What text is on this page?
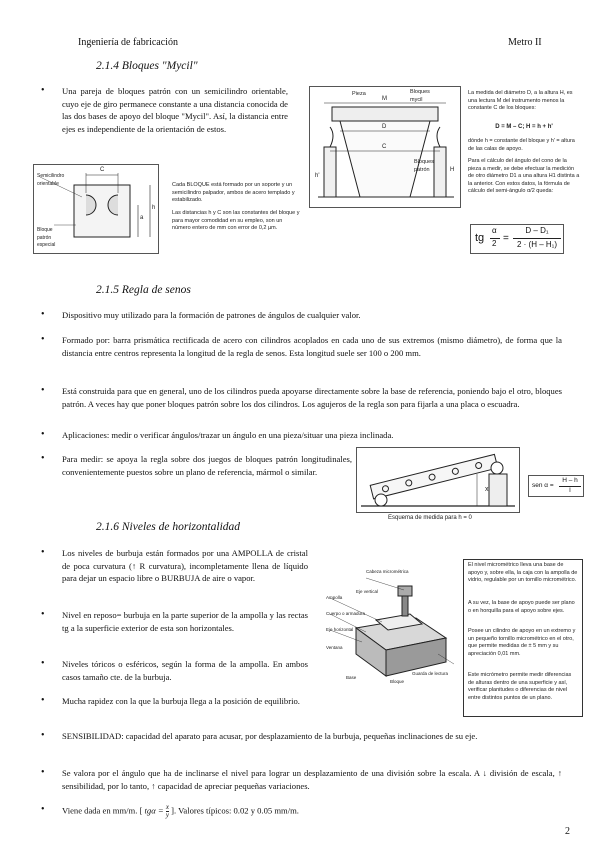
Ingeniería de fabricación	Metro II
2.1.4 Bloques "Mycil"
• Una pareja de bloques patrón con un semicilindro orientable, cuyo eje de giro permanece constante a una distancia conocida de las dos bases de apoyo del bloque "Mycil". Así, la distancia entre ejes es independiente de la orientación de estos.
Semicilindro orientable
Bloque patrón especial
C
a
h
Cada BLOQUE está formado por un soporte y un semicilindro palpador, ambos de acero templado y estabilizado.
Las distancias h y C son las constantes del bloque y para mayor comodidad en su empleo, son un número entero de mm con error de 0,2 µm.
Pieza	Bloques mycil
Bloques patrón
M
D
C
h'
H
La medida del diámetro D, a la altura H, es una lectura M del instrumento menos la constante C de los bloques:
D = M – C; H = h + h'
dónde h = constante del bloque y h' = altura de las calas de apoyo.
Para el cálculo del ángulo del cono de la pieza a medir, se debe efectuar la medición de otro diámetro D1 a una altura H1 distinta a la anterior. Con estos datos, la fórmula de cálculo del semi-ángulo α/2 queda:
tg
α
2 =
D – D₁
2 · (H – H₁)
2.1.5 Regla de senos
• Dispositivo muy utilizado para la formación de patrones de ángulos de cualquier valor.
• Formado por: barra prismática rectificada de acero con cilindros acoplados en cada uno de sus extremos (mismo diámetro), de forma que la distancia entre centros representa la longitud de la regla de senos. Esta longitud suele ser 100 o 200 mm.
• Está construida para que en general, uno de los cilindros pueda apoyarse directamente sobre la base de referencia, poniendo bajo el otro, bloques patrón. A veces hay que poner bloques patrón sobre los dos cilindros. Los agujeros de la regla son para fijarla a una placa o escuadra.
• Aplicaciones: medir o verificar ángulos/trazar un ángulo en una pieza/situar una pieza inclinada.
• Para medir: se apoya la regla sobre dos juegos de bloques patrón longitudinales, convenientemente puestos sobre un plano de referencia, mármol o similar.
x
Esquema de medida para h = 0
sen α =
H – h
l
2.1.6 Niveles de horizontalidad
• Los niveles de burbuja están formados por una AMPOLLA de cristal de poca curvatura (↑ R curvatura), incompletamente llena de líquido para dejar un espacio libre o BURBUJA de aire o vapor.
• Nivel en reposo= burbuja en la parte superior de la ampolla y las rectas tg a la superficie exterior de esta son horizontales.
• Niveles tóricos o esféricos, según la forma de la ampolla. En ambos casos tamaño cte. de la burbuja.
• Mucha rapidez con la que la burbuja llega a la posición de equilibrio.
Cabeza micrométrica
Eje vertical
Ampolla
Cuerpo o armadura
Eje horizontal
Ventana
Base
Bloque
Guarda de lectura
El nivel micrométrico lleva una base de apoyo y, sobre ella, la caja con la ampolla de vidrio, regulable por un tornillo micrométrico.
A su vez, la base de apoyo puede ser plano o en horquilla para el apoyo sobre ejes.
Posee un cilindro de apoyo en un extremo y un pequeño tornillo micrométrico en el otro, que permite medidas de ± 5 mm y su apreciación 0,01 mm.
Este micrómetro permite medir diferencias de alturas dentro de una superficie y así, verificar planitudes o diferencias de nivel entre distintos puntos de un plano.
• SENSIBILIDAD: capacidad del aparato para acusar, por desplazamiento de la burbuja, pequeñas inclinaciones de su eje.
• Se valora por el ángulo que ha de inclinarse el nivel para lograr un desplazamiento de una división sobre la escala. A ↓ división de escala, ↑ sensibilidad, por lo tanto, ↑ capacidad de apreciar pequeñas variaciones.
• Viene dada en mm/m. [ $tg\alpha = \frac{x}{y}$ ]. Valores típicos: 0.02 y 0.05 mm/m.
2
